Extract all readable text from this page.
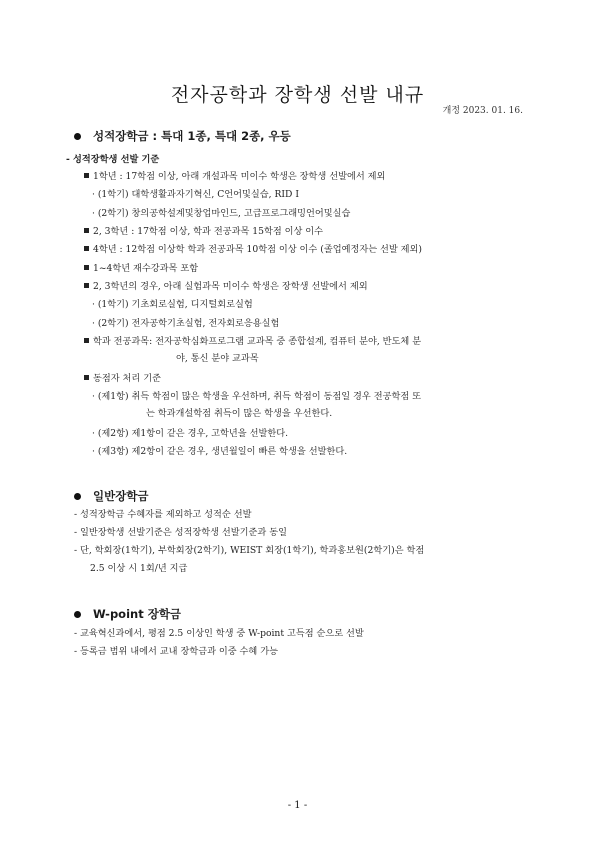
전자공학과 장학생 선발 내규
개정 2023. 01. 16.
성적장학금 : 특대 1종, 특대 2종, 우등
- 성적장학생 선발 기준
1학년 : 17학점 이상, 아래 개설과목 미이수 학생은 장학생 선발에서 제외
· (1학기) 대학생활과자기혁신, C언어및실습, RID I
· (2학기) 창의공학설계및창업마인드, 고급프로그래밍언어및실습
2, 3학년 : 17학점 이상, 학과 전공과목 15학점 이상 이수
4학년 : 12학점 이상학 학과 전공과목 10학점 이상 이수 (졸업예정자는 선발 제외)
1~4학년 재수강과목 포함
2, 3학년의 경우, 아래 실험과목 미이수 학생은 장학생 선발에서 제외
· (1학기) 기초회로실험, 디지털회로실험
· (2학기) 전자공학기초실험, 전자회로응용실험
학과 전공과목: 전자공학심화프로그램 교과목 중 종합설계, 컴퓨터 분야, 반도체 분
야, 통신 분야 교과목
동점자 처리 기준
· (제1항) 취득 학점이 많은 학생을 우선하며, 취득 학점이 동점일 경우 전공학점 또
는 학과개설학점 취득이 많은 학생을 우선한다.
· (제2항) 제1항이 같은 경우, 고학년을 선발한다.
· (제3항) 제2항이 같은 경우, 생년월일이 빠른 학생을 선발한다.
일반장학금
- 성적장학금 수혜자를 제외하고 성적순 선발
- 일반장학생 선발기준은 성적장학생 선발기준과 동일
- 단, 학회장(1학기), 부학회장(2학기), WEIST 회장(1학기), 학과홍보원(2학기)은 학점
2.5 이상 시 1회/년 지급
W-point 장학금
- 교육혁신과에서, 평점 2.5 이상인 학생 중 W-point 고득점 순으로 선발
- 등록금 범위 내에서 교내 장학금과 이중 수혜 가능
- 1 -
